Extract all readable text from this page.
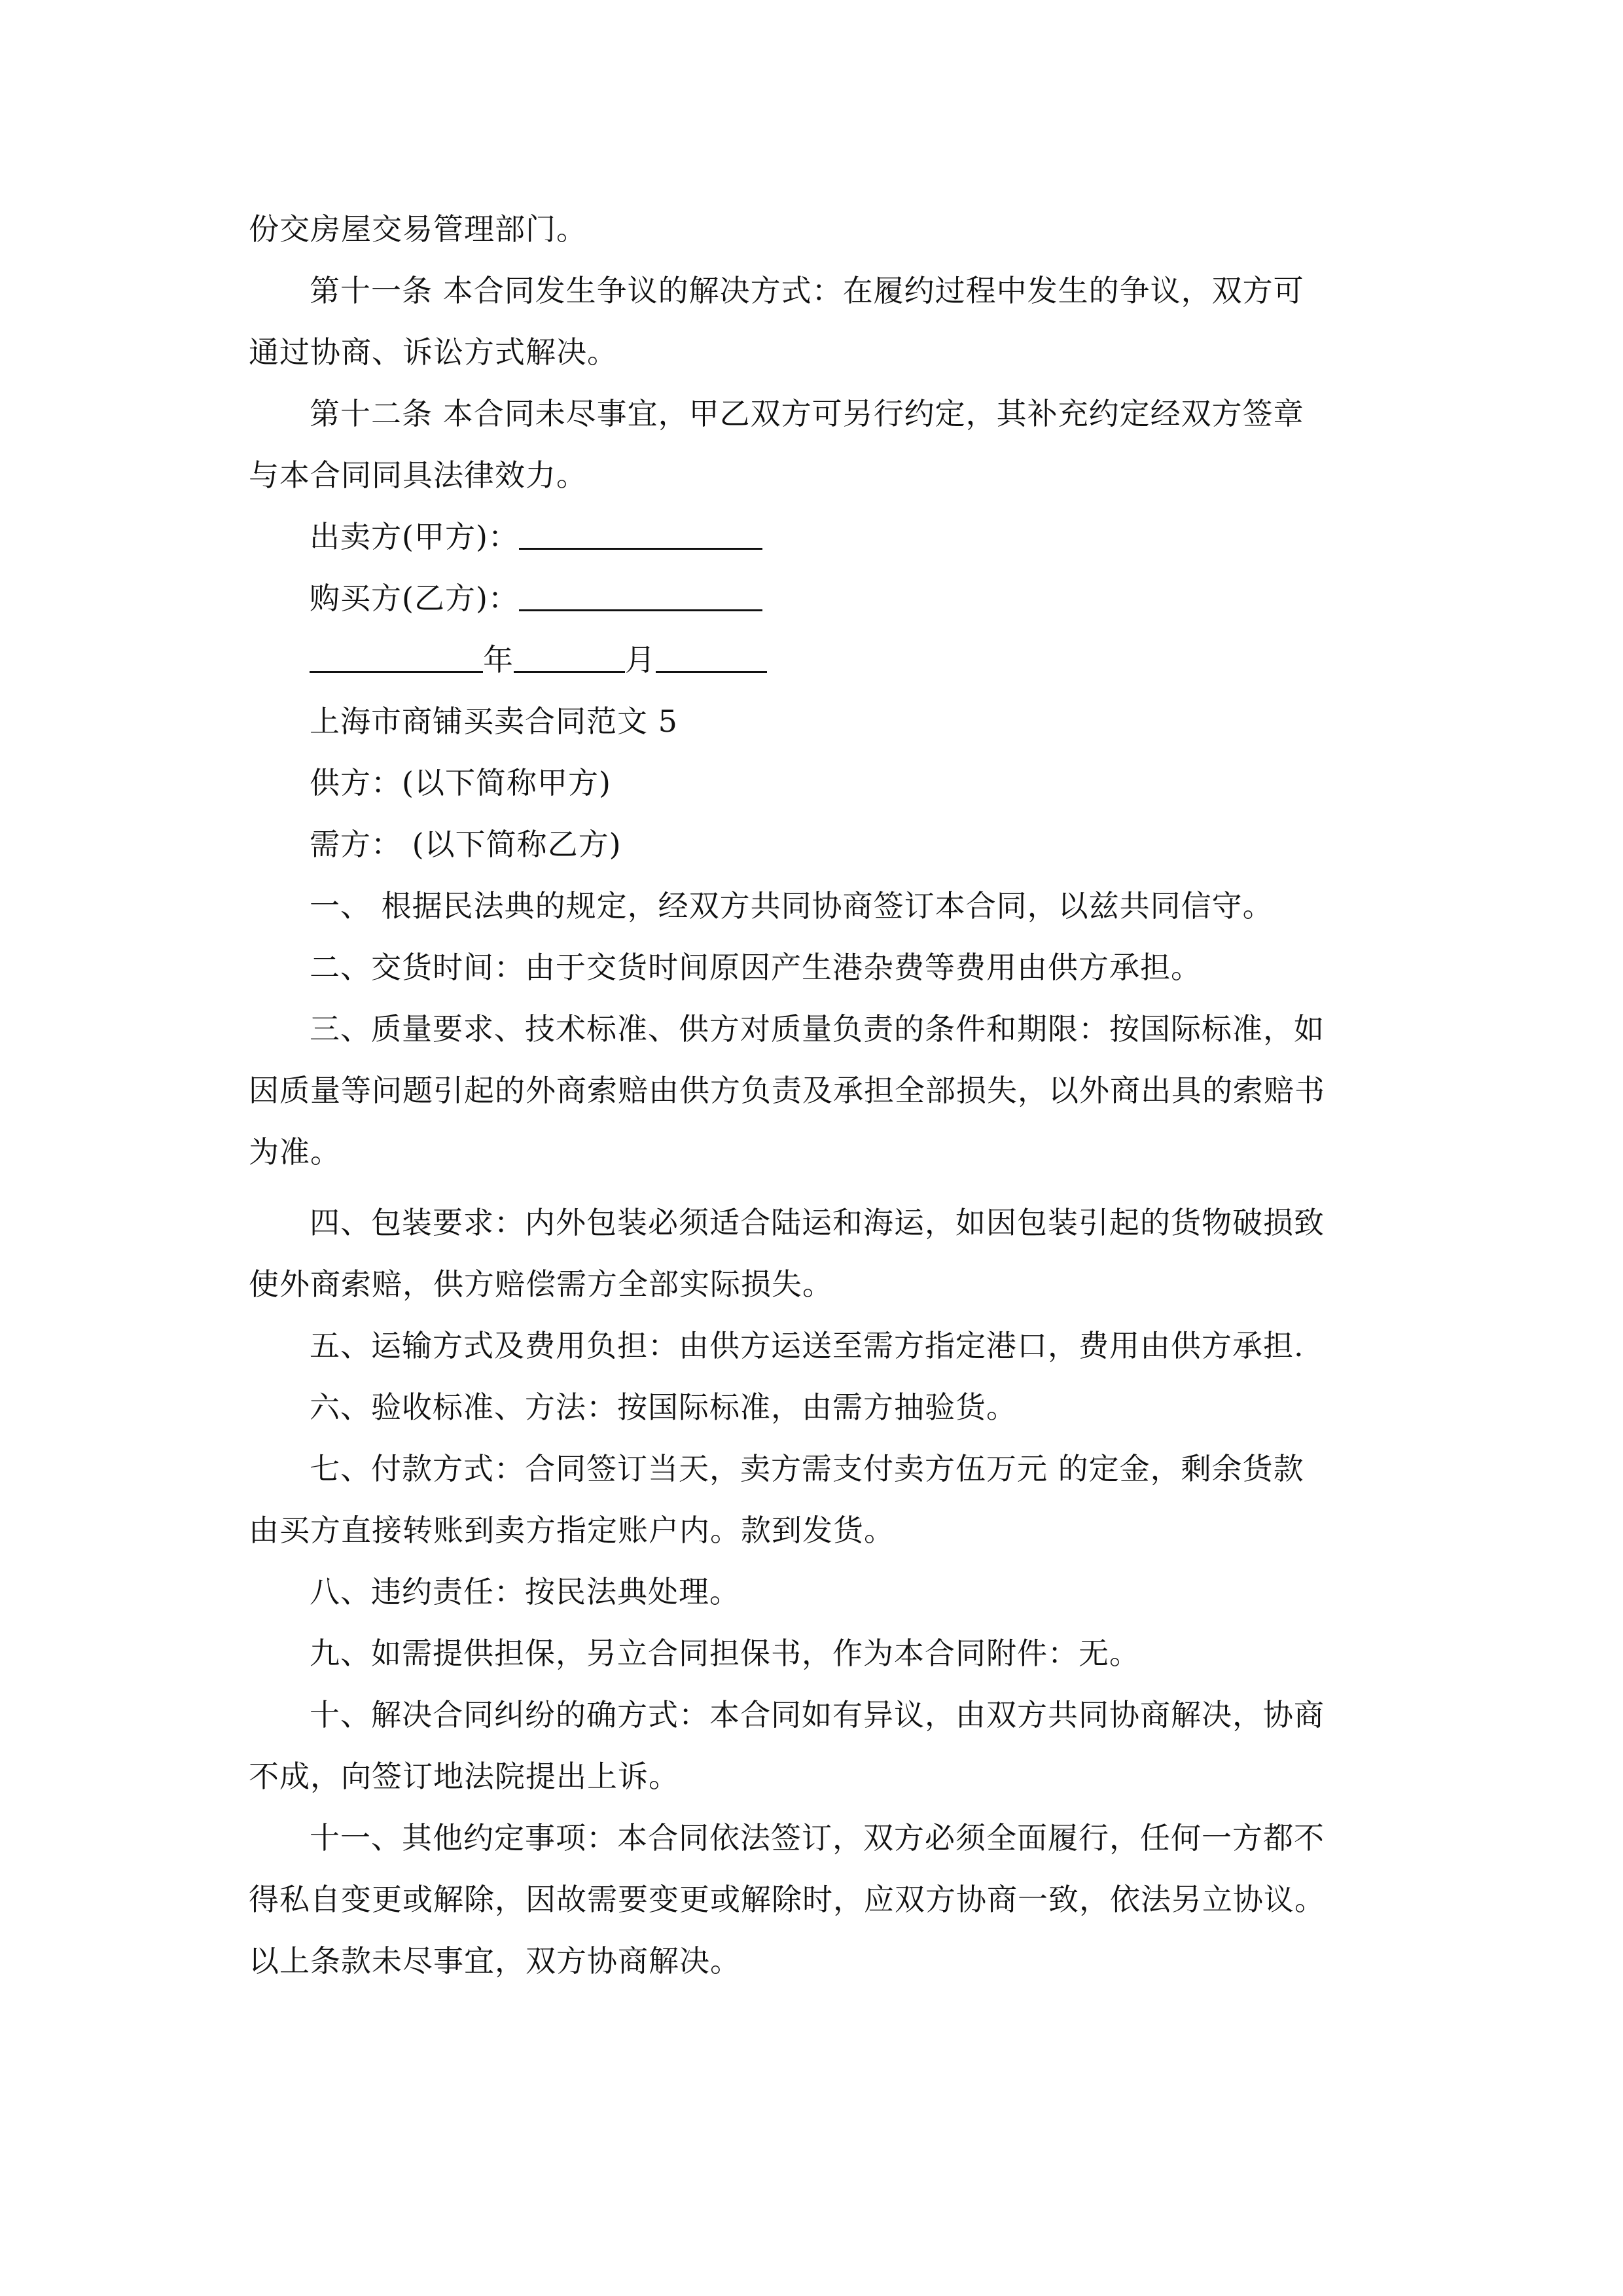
份交房屋交易管理部门。
第十一条 本合同发生争议的解决方式：在履约过程中发生的争议，双方可
通过协商、诉讼方式解决。
第十二条 本合同未尽事宜，甲乙双方可另行约定，其补充约定经双方签章
与本合同同具法律效力。
出卖方(甲方)：
购买方(乙方)：
年	月
上海市商铺买卖合同范文 5
供方：(以下简称甲方)
需方： (以下简称乙方)
一、 根据民法典的规定，经双方共同协商签订本合同，以兹共同信守。
二、交货时间：由于交货时间原因产生港杂费等费用由供方承担。
三、质量要求、技术标准、供方对质量负责的条件和期限：按国际标准，如
因质量等问题引起的外商索赔由供方负责及承担全部损失，以外商出具的索赔书
为准。
四、包装要求：内外包装必须适合陆运和海运，如因包装引起的货物破损致
使外商索赔，供方赔偿需方全部实际损失。
五、运输方式及费用负担：由供方运送至需方指定港口，费用由供方承担.
六、验收标准、方法：按国际标准，由需方抽验货。
七、付款方式：合同签订当天，卖方需支付卖方伍万元 的定金，剩余货款
由买方直接转账到卖方指定账户内。款到发货。
八、违约责任：按民法典处理。
九、如需提供担保，另立合同担保书，作为本合同附件：无。
十、解决合同纠纷的确方式：本合同如有异议，由双方共同协商解决，协商
不成，向签订地法院提出上诉。
十一、其他约定事项：本合同依法签订，双方必须全面履行，任何一方都不
得私自变更或解除，因故需要变更或解除时，应双方协商一致，依法另立协议。
以上条款未尽事宜，双方协商解决。
